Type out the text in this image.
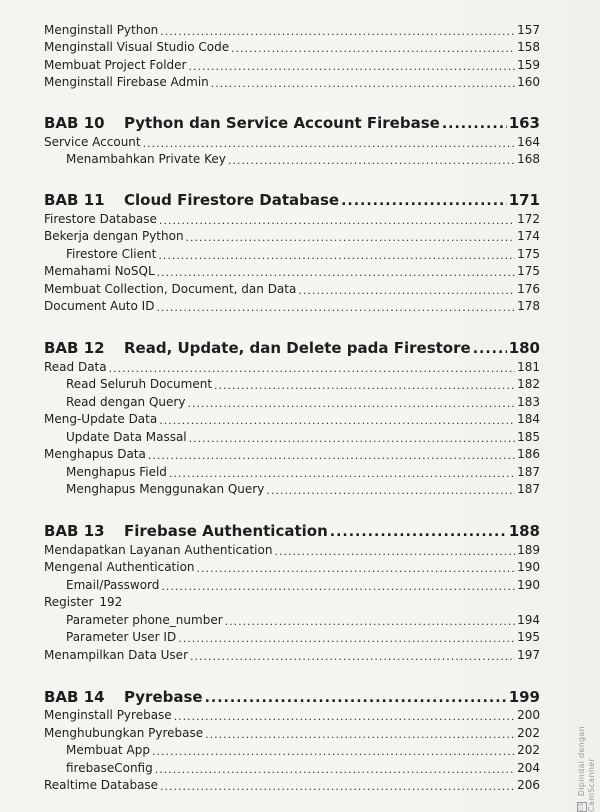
Menginstall Python .....	157
Menginstall Visual Studio Code .....	158
Membuat Project Folder .....	159
Menginstall Firebase Admin .....	160
BAB 10	Python dan Service Account Firebase .....	163
Service Account .....	164
Menambahkan Private Key .....	168
BAB 11	Cloud Firestore Database .....	171
Firestore Database .....	172
Bekerja dengan Python .....	174
Firestore Client .....	175
Memahami NoSQL .....	175
Membuat Collection, Document, dan Data .....	176
Document Auto ID .....	178
BAB 12	Read, Update, dan Delete pada Firestore .....	180
Read Data .....	181
Read Seluruh Document .....	182
Read dengan Query .....	183
Meng-Update Data .....	184
Update Data Massal .....	185
Menghapus Data .....	186
Menghapus Field .....	187
Menghapus Menggunakan Query .....	187
BAB 13	Firebase Authentication .....	188
Mendapatkan Layanan Authentication .....	189
Mengenal Authentication .....	190
Email/Password .....	190
Register 192
Parameter phone_number .....	194
Parameter User ID .....	195
Menampilkan Data User .....	197
BAB 14	Pyrebase .....	199
Menginstall Pyrebase .....	200
Menghubungkan Pyrebase .....	202
Membuat App .....	202
firebaseConfig .....	204
Realtime Database .....	206
CS Dipindai dengan CamScanner
